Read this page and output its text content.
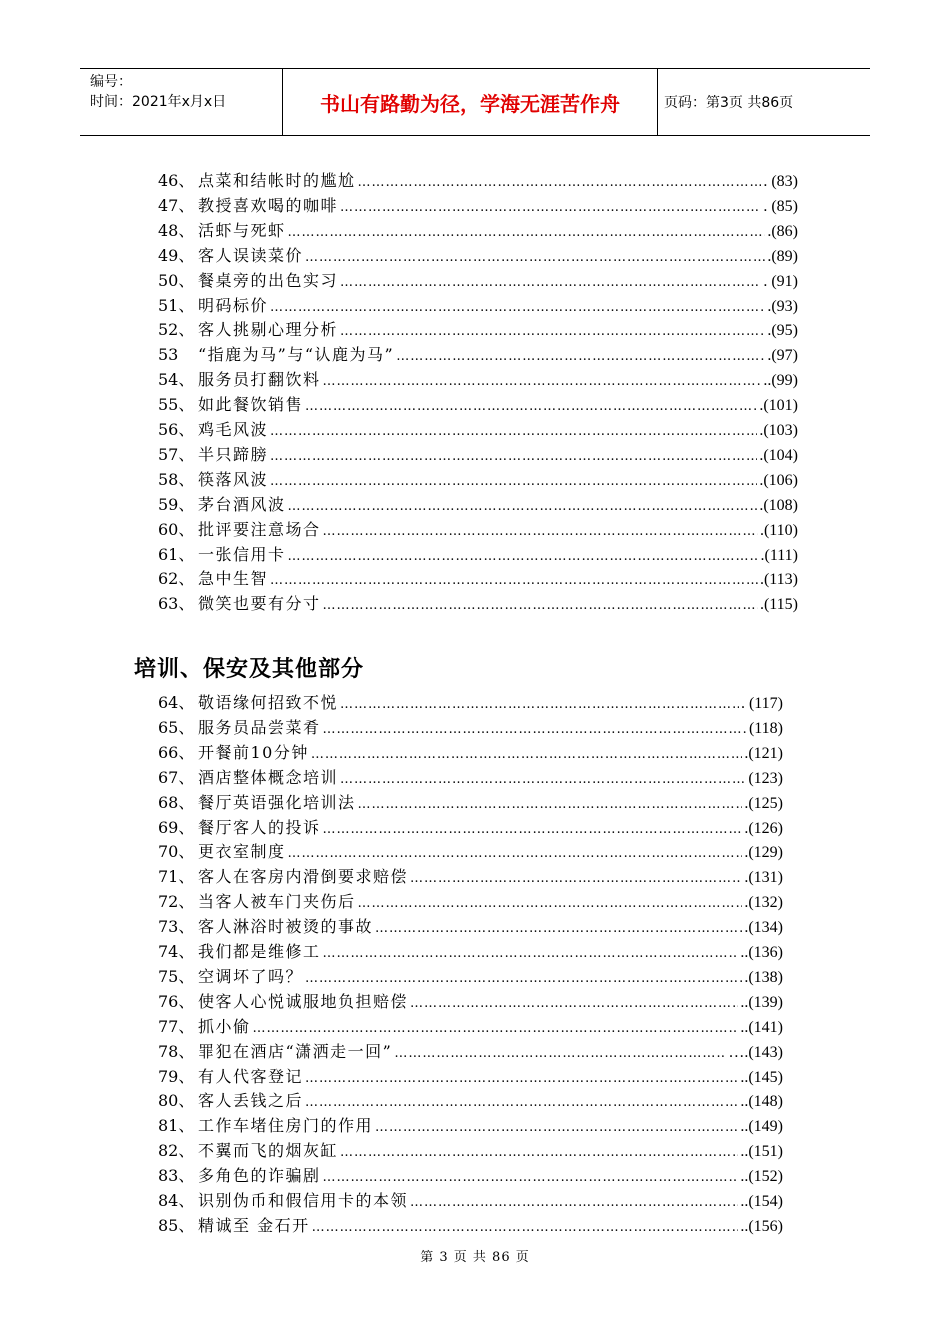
编号：
时间：2021年x月x日	书山有路勤为径，学海无涯苦作舟	页码：第3页 共86页
46、 点菜和结帐时的尴尬 …………………………………………………………………………………………………………………	. (83)
47、 教授喜欢喝的咖啡 …………………………………………………………………………………………………………………	. (85)
48、 活虾与死虾 …………………………………………………………………………………………………………………	.(86)
49、 客人误读菜价 …………………………………………………………………………………………………………………	.(89)
50、 餐桌旁的出色实习 …………………………………………………………………………………………………………………	. (91)
51、 明码标价 …………………………………………………………………………………………………………………	.(93)
52、 客人挑剔心理分析 …………………………………………………………………………………………………………………	.(95)
53	“指鹿为马”与“认鹿为马” …………………………………………………………………………………………………………………	.(97)
54、 服务员打翻饮料 …………………………………………………………………………………………………………………	..(99)
55、 如此餐饮销售 …………………………………………………………………………………………………………………	.(101)
56、 鸡毛风波 …………………………………………………………………………………………………………………	.(103)
57、 半只蹄膀 …………………………………………………………………………………………………………………	.(104)
58、 筷落风波 …………………………………………………………………………………………………………………	.(106)
59、 茅台酒风波 …………………………………………………………………………………………………………………	.(108)
60、 批评要注意场合 …………………………………………………………………………………………………………………	.(110)
61、 一张信用卡 …………………………………………………………………………………………………………………	.(111)
62、 急中生智 …………………………………………………………………………………………………………………	.(113)
63、 微笑也要有分寸 …………………………………………………………………………………………………………………	.(115)
培训、保安及其他部分
64、 敬语缘何招致不悦 …………………………………………………………………………………………………………………	. (117)
65、 服务员品尝菜肴 …………………………………………………………………………………………………………………	(118)
66、 开餐前10分钟 …………………………………………………………………………………………………………………	.(121)
67、 酒店整体概念培训 …………………………………………………………………………………………………………………	(123)
68、 餐厅英语强化培训法 …………………………………………………………………………………………………………………	.(125)
69、 餐厅客人的投诉 …………………………………………………………………………………………………………………	.(126)
70、 更衣室制度 …………………………………………………………………………………………………………………	.(129)
71、 客人在客房内滑倒要求赔偿 …………………………………………………………………………………………………………………	.(131)
72、 当客人被车门夹伤后 …………………………………………………………………………………………………………………	.(132)
73、 客人淋浴时被烫的事故 …………………………………………………………………………………………………………………	.(134)
74、 我们都是维修工 …………………………………………………………………………………………………………………	..(136)
75、 空调坏了吗？ …………………………………………………………………………………………………………………	.(138)
76、 使客人心悦诚服地负担赔偿 …………………………………………………………………………………………………………………	..(139)
77、 抓小偷 …………………………………………………………………………………………………………………	..(141)
78、 罪犯在酒店“潇洒走一回” …………………………………………………………………………………………………………………	….(143)
79、 有人代客登记 …………………………………………………………………………………………………………………	..(145)
80、 客人丢钱之后 …………………………………………………………………………………………………………………	..(148)
81、 工作车堵住房门的作用 …………………………………………………………………………………………………………………	..(149)
82、 不翼而飞的烟灰缸 …………………………………………………………………………………………………………………	..(151)
83、 多角色的诈骗剧 …………………………………………………………………………………………………………………	..(152)
84、 识别伪币和假信用卡的本领 …………………………………………………………………………………………………………………	..(154)
85、 精诚至 金石开 …………………………………………………………………………………………………………………	..(156)
第 3 页 共 86 页
